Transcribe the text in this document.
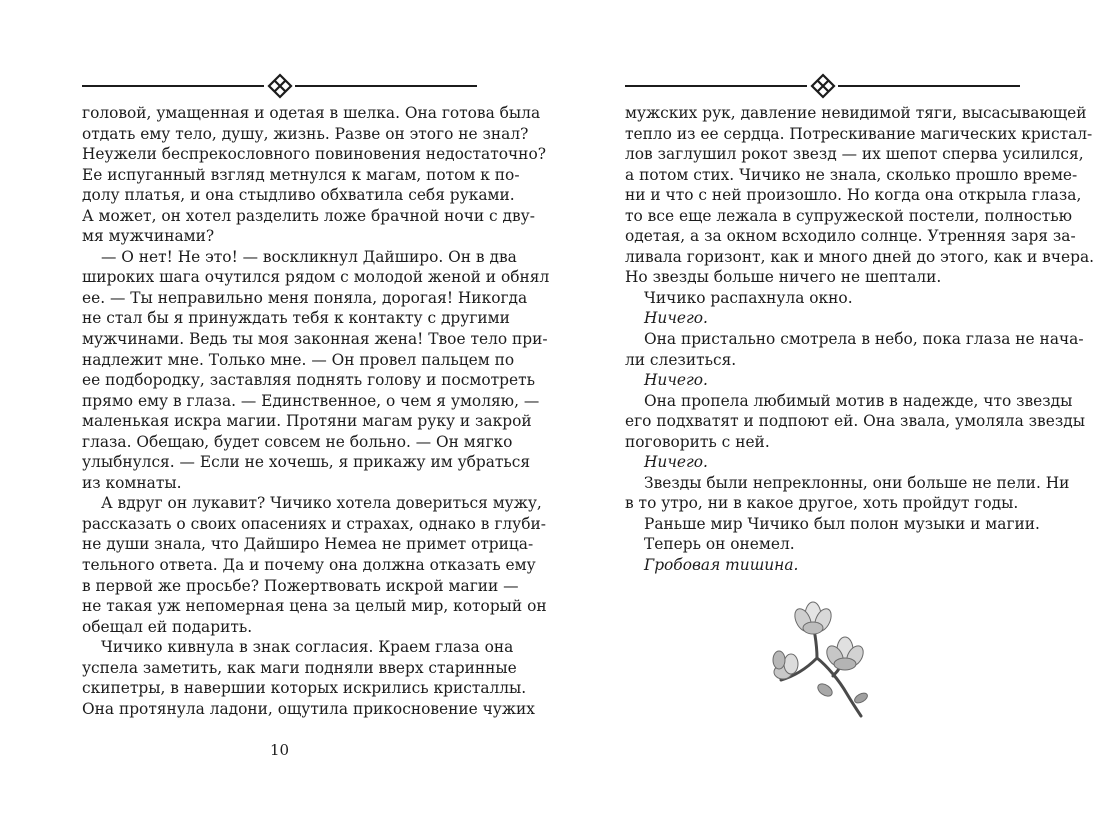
головой, умащенная и одетая в шелка. Она готова была
отдать ему тело, душу, жизнь. Разве он этого не знал?
Неужели беспрекословного повиновения недостаточно?
Ее испуганный взгляд метнулся к магам, потом к по-
долу платья, и она стыдливо обхватила себя руками.
А может, он хотел разделить ложе брачной ночи с дву-
мя мужчинами?
— О нет! Не это! — воскликнул Дайширо. Он в два
широких шага очутился рядом с молодой женой и обнял
ее. — Ты неправильно меня поняла, дорогая! Никогда
не стал бы я принуждать тебя к контакту с другими
мужчинами. Ведь ты моя законная жена! Твое тело при-
надлежит мне. Только мне. — Он провел пальцем по
ее подбородку, заставляя поднять голову и посмотреть
прямо ему в глаза. — Единственное, о чем я умоляю, —
маленькая искра магии. Протяни магам руку и закрой
глаза. Обещаю, будет совсем не больно. — Он мягко
улыбнулся. — Если не хочешь, я прикажу им убраться
из комнаты.
А вдруг он лукавит? Чичико хотела довериться мужу,
рассказать о своих опасениях и страхах, однако в глуби-
не души знала, что Дайширо Немеа не примет отрица-
тельного ответа. Да и почему она должна отказать ему
в первой же просьбе? Пожертвовать искрой магии —
не такая уж непомерная цена за целый мир, который он
обещал ей подарить.
Чичико кивнула в знак согласия. Краем глаза она
успела заметить, как маги подняли вверх старинные
скипетры, в навершии которых искрились кристаллы.
Она протянула ладони, ощутила прикосновение чужих
10
мужских рук, давление невидимой тяги, высасывающей
тепло из ее сердца. Потрескивание магических кристал-
лов заглушил рокот звезд — их шепот сперва усилился,
а потом стих. Чичико не знала, сколько прошло време-
ни и что с ней произошло. Но когда она открыла глаза,
то все еще лежала в супружеской постели, полностью
одетая, а за окном всходило солнце. Утренняя заря за-
ливала горизонт, как и много дней до этого, как и вчера.
Но звезды больше ничего не шептали.
Чичико распахнула окно.
Ничего.
Она пристально смотрела в небо, пока глаза не нача-
ли слезиться.
Ничего.
Она пропела любимый мотив в надежде, что звезды
его подхватят и подпоют ей. Она звала, умоляла звезды
поговорить с ней.
Ничего.
Звезды были непреклонны, они больше не пели. Ни
в то утро, ни в какое другое, хоть пройдут годы.
Раньше мир Чичико был полон музыки и магии.
Теперь он онемел.
Гробовая тишина.
